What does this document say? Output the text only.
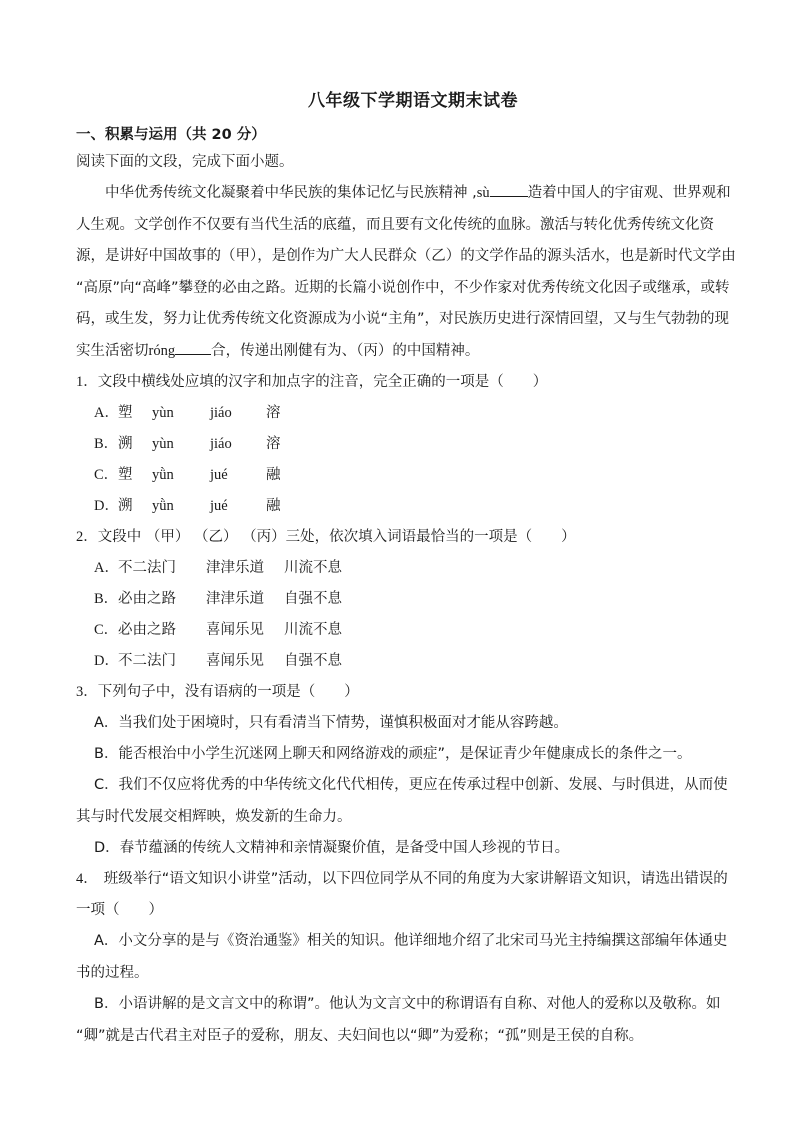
八年级下学期语文期末试卷
一、积累与运用（共 20 分）
阅读下面的文段，完成下面小题。
中华优秀传统文化凝聚着中华民族的集体记忆与民族精神 ,sù	造着中国人的宇宙观、世界观和
人生观。文学创作不仅要有当代生活的底蕴，而且要有文化传统的血脉。激活与转化优秀传统文化资
源，是讲好中国故事的（甲），是创作为广大人民群众（乙）的文学作品的源头活水，也是新时代文学由
“高原”向“高峰”攀登的必由之路。近期的长篇小说创作中，不少作家对优秀传统文化因子或继承，或转
码，或生发，努力让优秀传统文化资源成为小说“主角”，对民族历史进行深情回望，又与生气勃勃的现
实生活密切róng 合，传递出刚健有为、（丙）的中国精神。
1．文段中横线处应填的汉字和加点字的注音，完全正确的一项是（　　）
A．塑 yùn	jiáo 溶
B．溯 yùn	jiáo 溶
C．塑 yǜn	jué	融
D．溯 yǜn	jué	融
2．文段中 （甲） （乙） （丙）三处，依次填入词语最恰当的一项是（　　）
A．不二法门 津津乐道 川流不息
B．必由之路 津津乐道 自强不息
C．必由之路 喜闻乐见 川流不息
D．不二法门 喜闻乐见 自强不息
3．下列句子中，没有语病的一项是（　　）
A．当我们处于困境时，只有看清当下情势，谨慎积极面对才能从容跨越。
B．能否根治中小学生沉迷网上聊天和网络游戏的顽症”，是保证青少年健康成长的条件之一。
C．我们不仅应将优秀的中华传统文化代代相传，更应在传承过程中创新、发展、与时俱进，从而使
其与时代发展交相辉映，焕发新的生命力。
D．春节蕴涵的传统人文精神和亲情凝聚价值，是备受中国人珍视的节日。
4． 班级举行“语文知识小讲堂”活动，以下四位同学从不同的角度为大家讲解语文知识，请选出错误的
一项（　　）
A．小文分享的是与《资治通鉴》相关的知识。他详细地介绍了北宋司马光主持编撰这部编年体通史
书的过程。
B．小语讲解的是文言文中的称谓”。他认为文言文中的称谓语有自称、对他人的爱称以及敬称。如
“卿”就是古代君主对臣子的爱称，朋友、夫妇间也以“卿”为爱称；“孤”则是王侯的自称。
